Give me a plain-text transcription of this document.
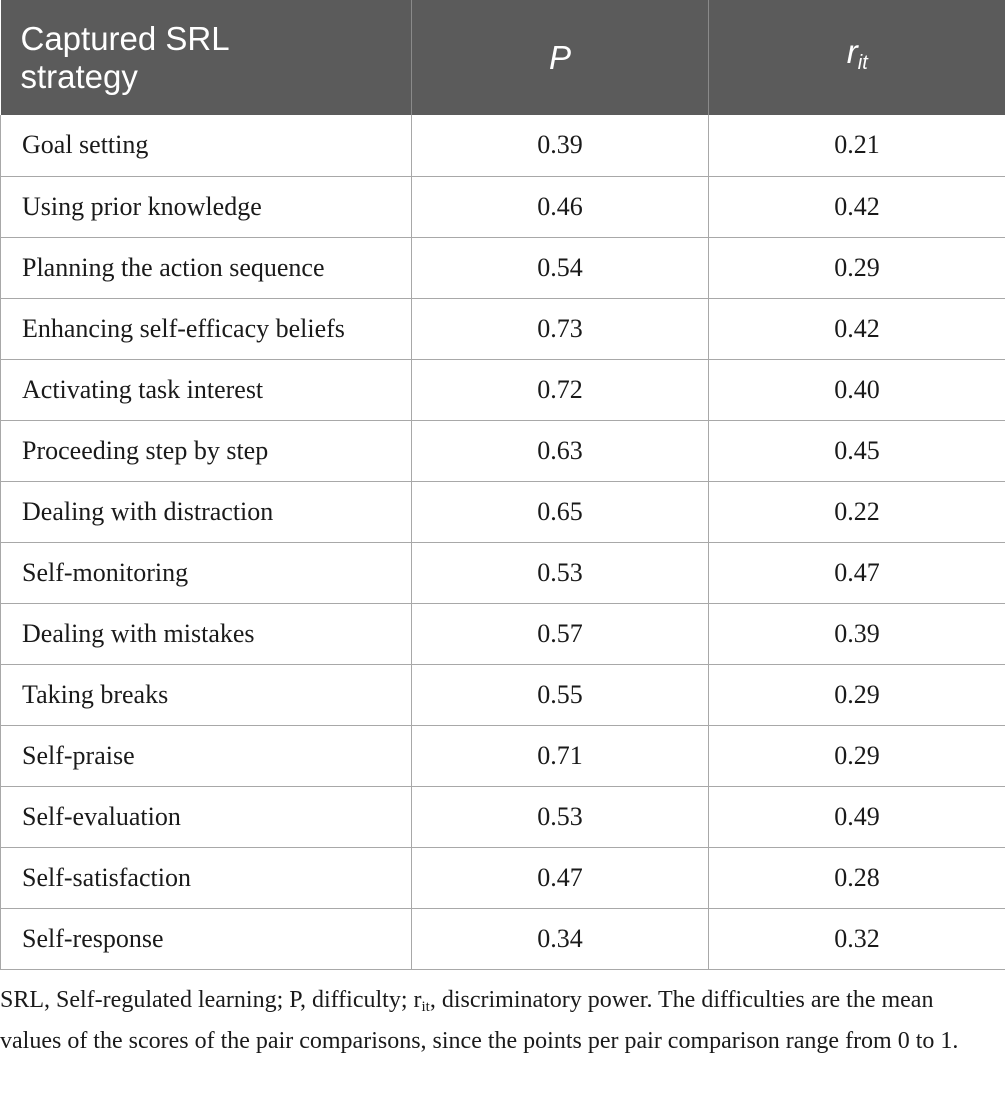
Captured SRL
strategy	P	$r_{it}$
Goal setting	0.39	0.21
Using prior knowledge	0.46	0.42
Planning the action sequence	0.54	0.29
Enhancing self-efficacy beliefs	0.73	0.42
Activating task interest	0.72	0.40
Proceeding step by step	0.63	0.45
Dealing with distraction	0.65	0.22
Self-monitoring	0.53	0.47
Dealing with mistakes	0.57	0.39
Taking breaks	0.55	0.29
Self-praise	0.71	0.29
Self-evaluation	0.53	0.49
Self-satisfaction	0.47	0.28
Self-response	0.34	0.32

SRL, Self-regulated learning; P, difficulty; rit, discriminatory power. The difficulties are the mean values of the scores of the pair comparisons, since the points per pair comparison range from 0 to 1.
